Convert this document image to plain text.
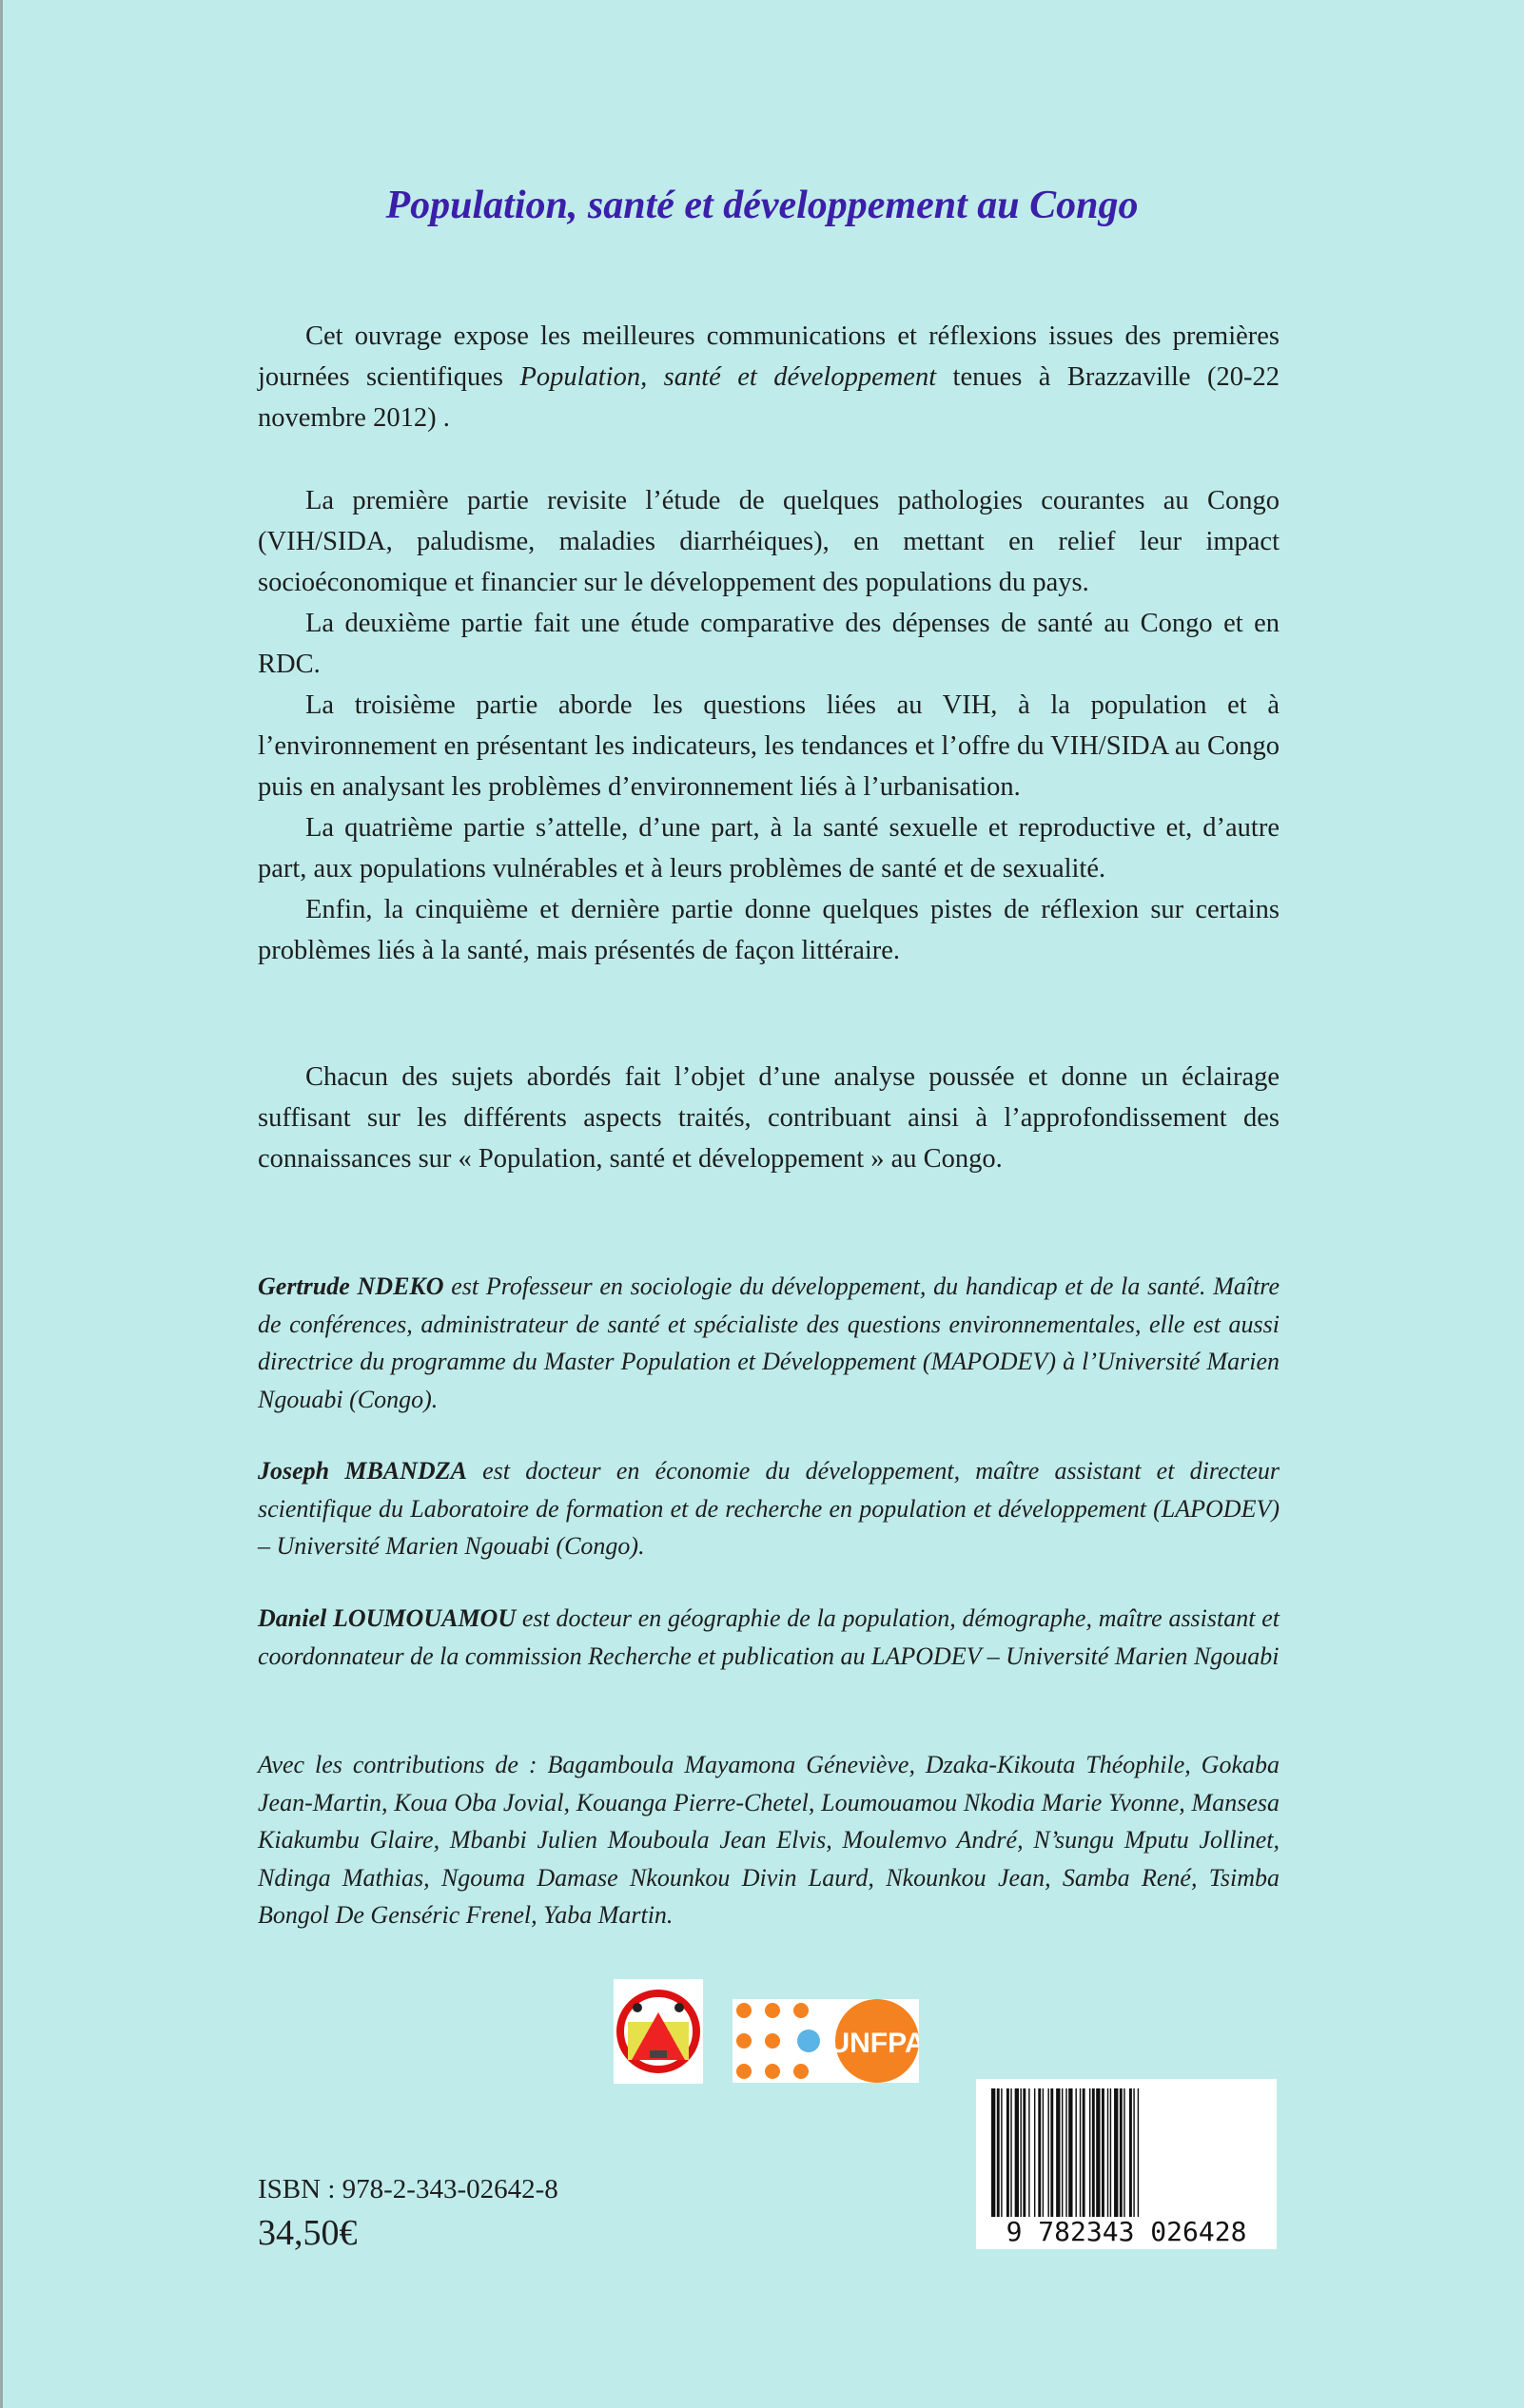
Population, santé et développement au Congo

Cet ouvrage expose les meilleures communications et réflexions issues des premières journées scientifiques Population, santé et développement tenues à Brazzaville (20-22 novembre 2012) .

La première partie revisite l’étude de quelques pathologies courantes au Congo (VIH/SIDA, paludisme, maladies diarrhéiques), en mettant en relief leur impact socioéconomique et financier sur le développement des populations du pays.

La deuxième partie fait une étude comparative des dépenses de santé au Congo et en RDC.

La troisième partie aborde les questions liées au VIH, à la population et à l’environnement en présentant les indicateurs, les tendances et l’offre du VIH/SIDA au Congo puis en analysant les problèmes d’environnement liés à l’urbanisation.

La quatrième partie s’attelle, d’une part, à la santé sexuelle et reproductive et, d’autre part, aux populations vulnérables et à leurs problèmes de santé et de sexualité.

Enfin, la cinquième et dernière partie donne quelques pistes de réflexion sur certains problèmes liés à la santé, mais présentés de façon littéraire.

Chacun des sujets abordés fait l’objet d’une analyse poussée et donne un éclairage suffisant sur les différents aspects traités, contribuant ainsi à l’approfondissement des connaissances sur « Population, santé et développement » au Congo.

Gertrude NDEKO est Professeur en sociologie du développement, du handicap et de la santé. Maître de conférences, administrateur de santé et spécialiste des questions environnementales, elle est aussi directrice du programme du Master Population et Développement (MAPODEV) à l’Université Marien Ngouabi (Congo).
Joseph MBANDZA est docteur en économie du développement, maître assistant et directeur scientifique du Laboratoire de formation et de recherche en population et développement (LAPODEV) – Université Marien Ngouabi (Congo).
Daniel LOUMOUAMOU est docteur en géographie de la population, démographe, maître assistant et coordonnateur de la commission Recherche et publication au LAPODEV – Université Marien Ngouabi
Avec les contributions de : Bagamboula Mayamona Géneviève, Dzaka-Kikouta Théophile, Gokaba Jean-Martin, Koua Oba Jovial, Kouanga Pierre-Chetel, Loumouamou Nkodia Marie Yvonne, Mansesa Kiakumbu Glaire, Mbanbi Julien Mouboula Jean Elvis, Moulemvo André, N’sungu Mputu Jollinet, Ndinga Mathias, Ngouma Damase Nkounkou Divin Laurd, Nkounkou Jean, Samba René, Tsimba Bongol De Genséric Frenel, Yaba Martin.
UNFPA
ISBN : 978-2-343-02642-8
34,50€	9 782343 026428
